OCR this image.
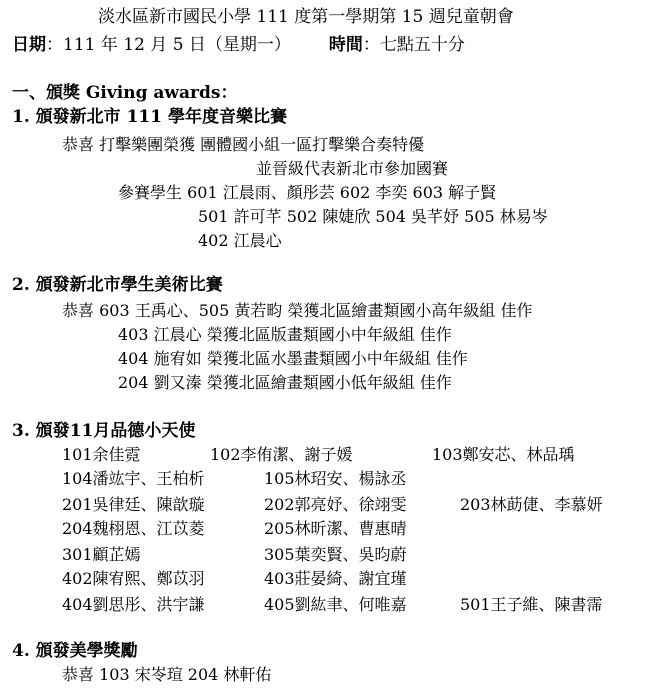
淡水區新市國民小學 111 度第一學期第 15 週兒童朝會
日期：111 年 12 月 5 日（星期一） 時間：七點五十分
一、頒獎 Giving awards：
1. 頒發新北市 111 學年度音樂比賽
恭喜 打擊樂團榮獲 團體國小組一區打擊樂合奏特優
並晉級代表新北市參加國賽
參賽學生 601 江晨雨、顏彤芸 602 李奕 603 解子賢
501 許可芊 502 陳婕欣 504 吳芊妤 505 林易岑
402 江晨心
2. 頒發新北市學生美術比賽
恭喜 603 王禹心、505 黃若畇 榮獲北區繪畫類國小高年級組 佳作
403 江晨心 榮獲北區版畫類國小中年級組 佳作
404 施宥如 榮獲北區水墨畫類國小中年級組 佳作
204 劉又溱 榮獲北區繪畫類國小低年級組 佳作
3. 頒發11月品德小天使
101余佳霓	102李侑潔、謝子媛	103鄭安芯、林品瑀
104潘竑宇、王柏析	105林玿安、楊詠丞
201吳律廷、陳歆璇	202郭亮妤、徐翊雯	203林莇倢、李慕妍
204魏栩恩、江苡菱	205林昕潔、曹惠晴
301顧芷嫣	305葉奕賢、吳昀蔚
402陳宥熙、鄭苡羽	403莊晏綺、謝宜瑾
404劉思彤、洪宇謙	405劉紘聿、何唯嘉	501王子維、陳書霈
4. 頒發美學獎勵
恭喜 103 宋岺瑄 204 林軒佑
